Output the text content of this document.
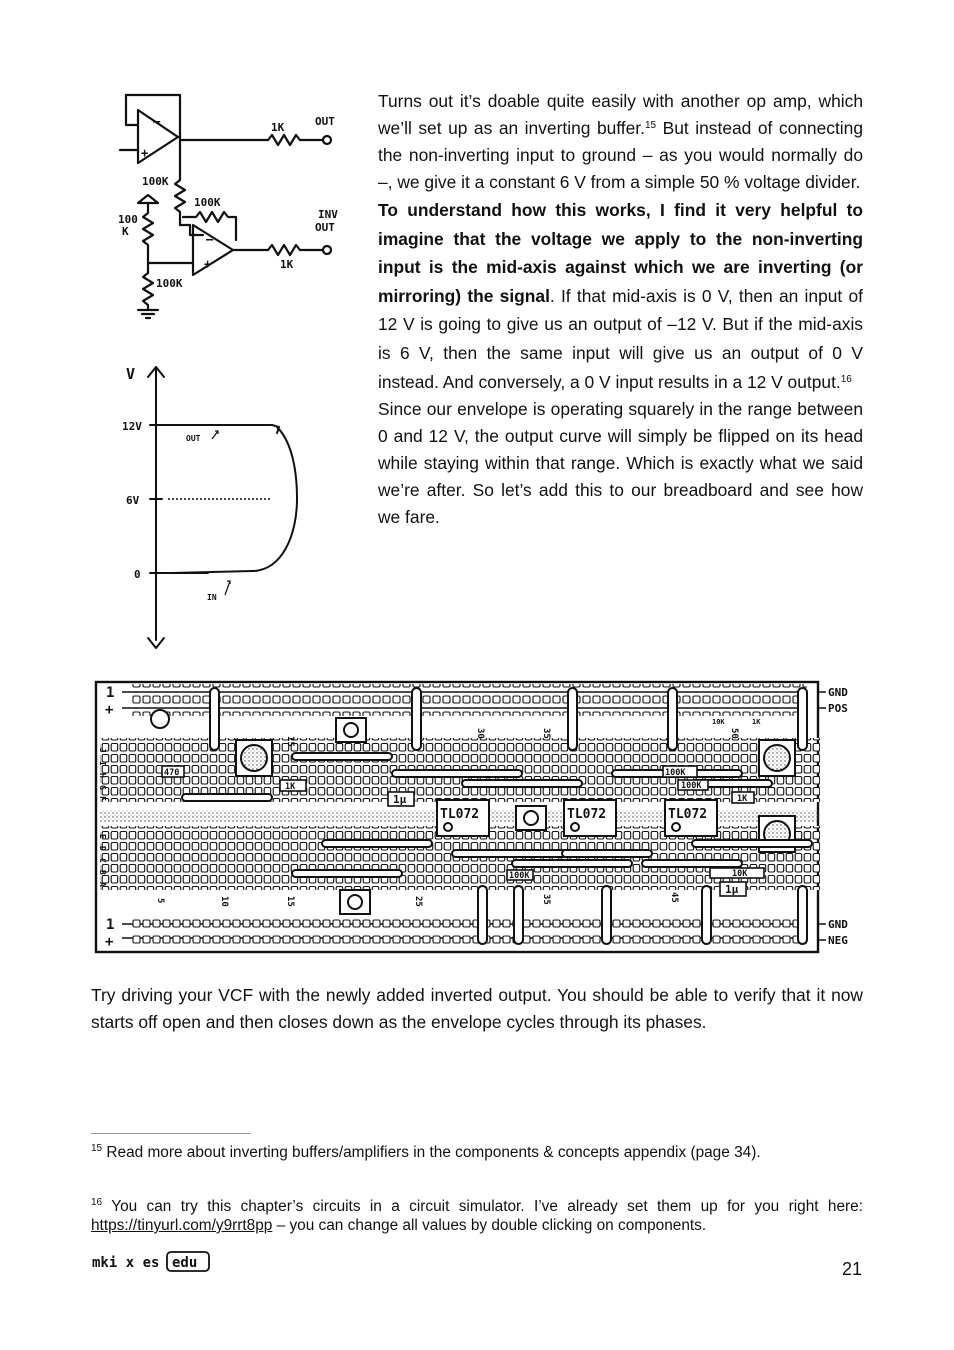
–
+
–
+
1K	OUT
100K
100K
100
K
INV
OUT
1K
100K
V
12V
6V
0
OUT
IN
TL072	TL072	TL072
470
1K
1µ
100K
1K
100K
1µ
10K
100K
10K	1K
1
+
1
+
15
30	35	50
5	10	15	25	35	45
J
I
H
G
F
E
D
C
B
A
GND
POS
GND
NEG

Turns out it’s doable quite easily with another op amp, which we’ll set up as an inverting buffer.$^{15}$ But instead of connecting the non-inverting input to ground – as you would normally do –, we give it a constant 6 V from a simple 50 % voltage divider.

To understand how this works, I find it very helpful to imagine that the voltage we apply to the non-inverting input is the mid-axis against which we are inverting (or mirroring) the signal. If that mid-axis is 0 V, then an input of 12 V is going to give us an output of –12 V. But if the mid-axis is 6 V, then the same input will give us an output of 0 V instead. And conversely, a 0 V input results in a 12 V output.$^{16}$

Since our envelope is operating squarely in the range between 0 and 12 V, the output curve will simply be flipped on its head while staying within that range. Which is exactly what we said we’re after. So let’s add this to our breadboard and see how we fare.

Try driving your VCF with the newly added inverted output. You should be able to verify that it now starts off open and then closes down as the envelope cycles through its phases.

$^{15}$ Read more about inverting buffers/amplifiers in the components & concepts appendix (page 34).

$^{16}$ You can try this chapter’s circuits in a circuit simulator. I’ve already set them up for you right here: https://tinyurl.com/y9rrt8pp – you can change all values by double clicking on components.

mki x es edu	21
